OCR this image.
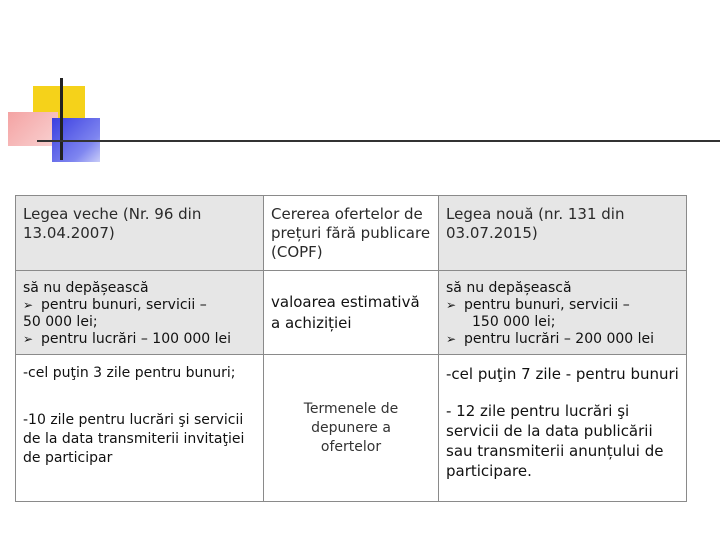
Legea veche (Nr. 96 din 13.04.2007)
Cererea ofertelor de prețuri fără publicare (COPF)
Legea nouă (nr. 131 din 03.07.2015)
să nu depășească
➢ pentru bunuri, servicii –
50 000 lei;
➢ pentru lucrări – 100 000 lei
valoarea estimativă a achiziției
să nu depășească
➢ pentru bunuri, servicii –
150 000 lei;
➢ pentru lucrări – 200 000 lei
-cel puţin 3 zile pentru bunuri;
-10 zile pentru lucrări şi servicii de la data transmiterii invitaţiei de participar
Termenele de depunere a ofertelor
-cel puţin 7 zile - pentru bunuri
- 12 zile pentru lucrări şi servicii de la data publicării sau transmiterii anunțului de participare.
